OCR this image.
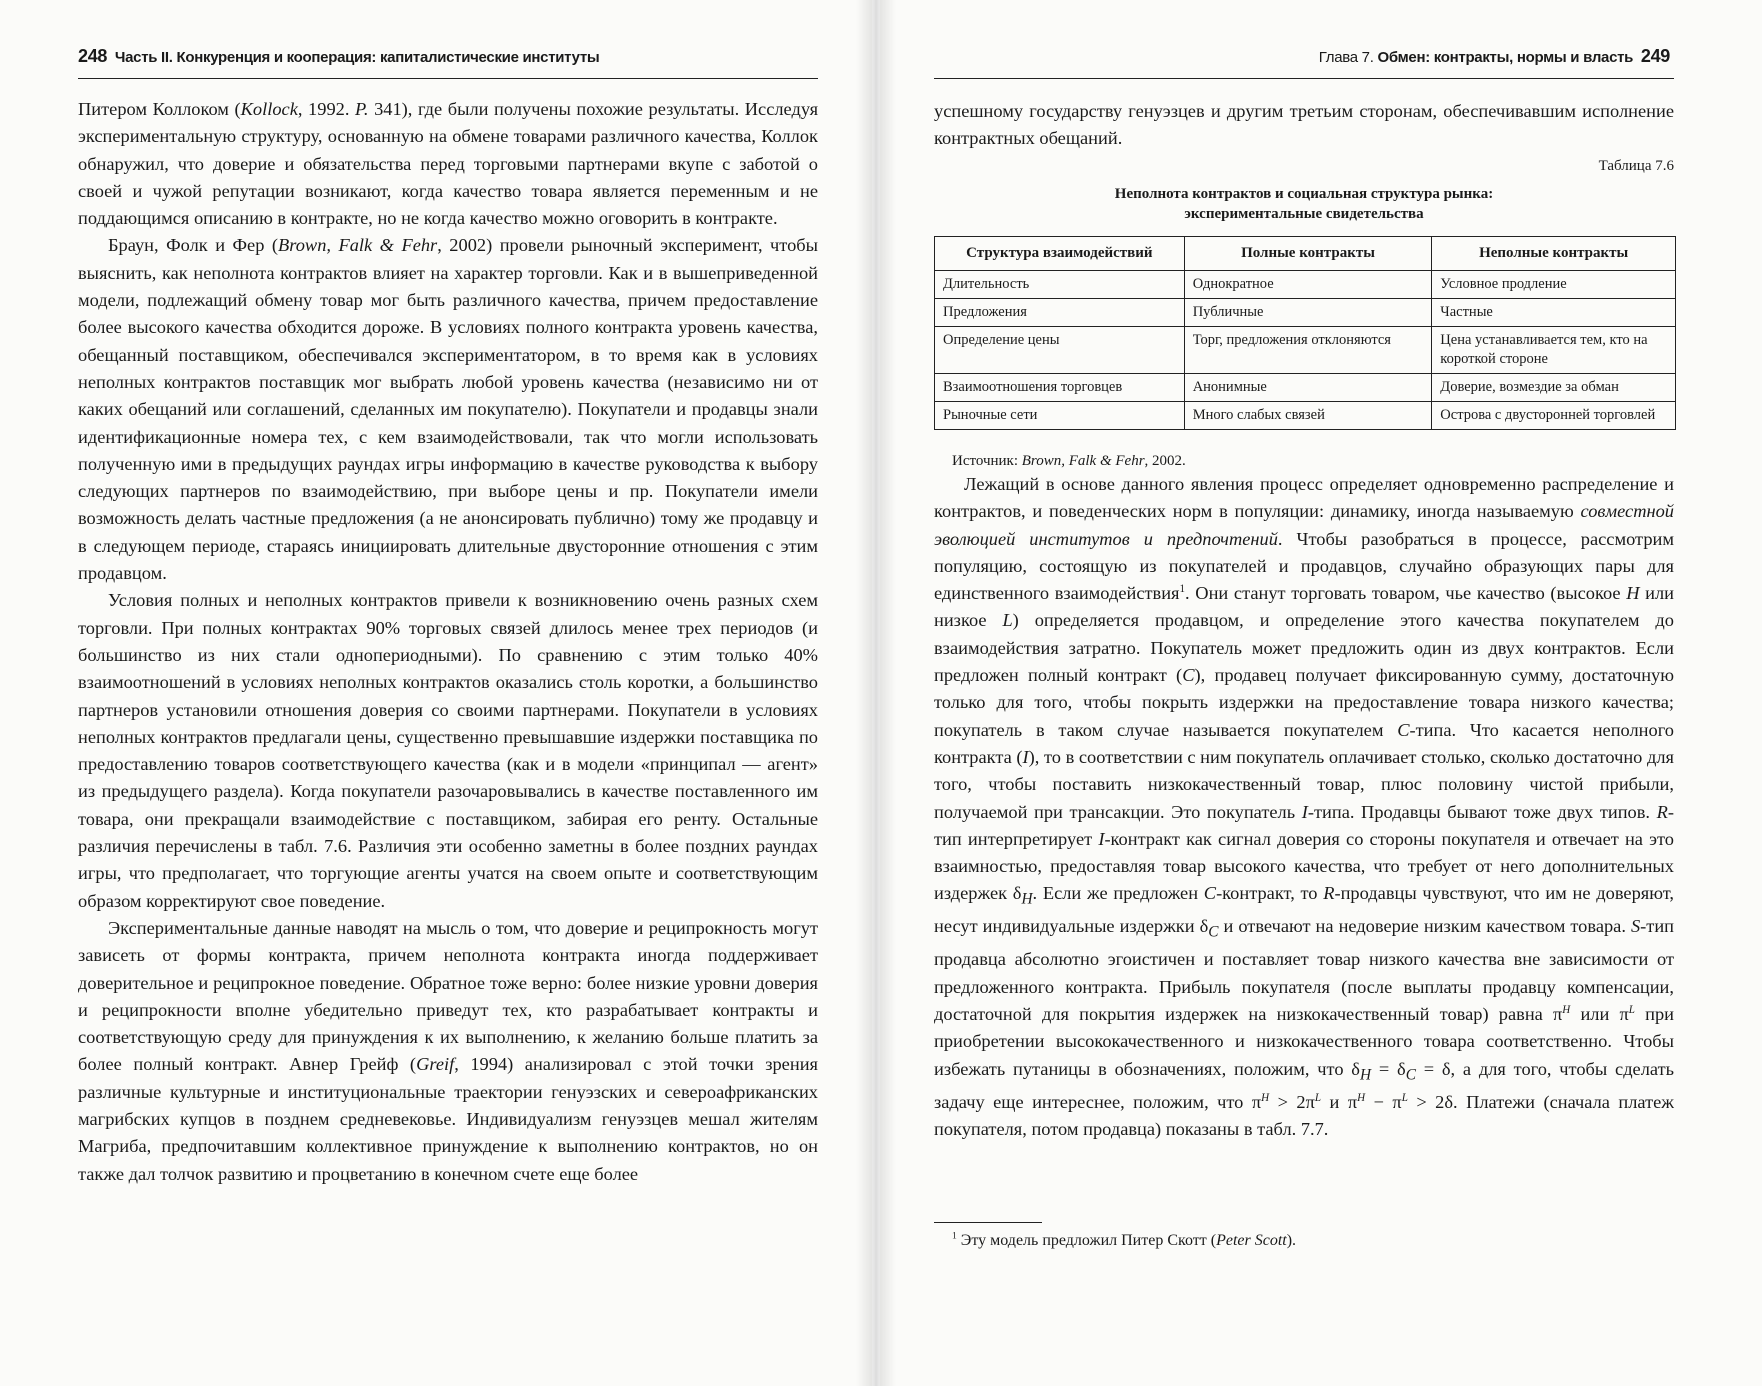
248 Часть II. Конкуренция и кооперация: капиталистические институты

Питером Коллоком (Kollock, 1992. P. 341), где были получены похожие результаты. Исследуя экспериментальную структуру, основанную на обмене товарами различного качества, Коллок обнаружил, что доверие и обязательства перед торговыми партнерами вкупе с заботой о своей и чужой репутации возникают, когда качество товара является переменным и не поддающимся описанию в контракте, но не когда качество можно оговорить в контракте.

Браун, Фолк и Фер (Brown, Falk & Fehr, 2002) провели рыночный эксперимент, чтобы выяснить, как неполнота контрактов влияет на характер торговли. Как и в вышеприведенной модели, подлежащий обмену товар мог быть различного качества, причем предоставление более высокого качества обходится дороже. В условиях полного контракта уровень качества, обещанный поставщиком, обеспечивался экспериментатором, в то время как в условиях неполных контрактов поставщик мог выбрать любой уровень качества (независимо ни от каких обещаний или соглашений, сделанных им покупателю). Покупатели и продавцы знали идентификационные номера тех, с кем взаимодействовали, так что могли использовать полученную ими в предыдущих раундах игры информацию в качестве руководства к выбору следующих партнеров по взаимодействию, при выборе цены и пр. Покупатели имели возможность делать частные предложения (а не анонсировать публично) тому же продавцу и в следующем периоде, стараясь инициировать длительные двусторонние отношения с этим продавцом.

Условия полных и неполных контрактов привели к возникновению очень разных схем торговли. При полных контрактах 90% торговых связей длилось менее трех периодов (и большинство из них стали однопериодными). По сравнению с этим только 40% взаимоотношений в условиях неполных контрактов оказались столь коротки, а большинство партнеров установили отношения доверия со своими партнерами. Покупатели в условиях неполных контрактов предлагали цены, существенно превышавшие издержки поставщика по предоставлению товаров соответствующего качества (как и в модели «принципал — агент» из предыдущего раздела). Когда покупатели разочаровывались в качестве поставленного им товара, они прекращали взаимодействие с поставщиком, забирая его ренту. Остальные различия перечислены в табл. 7.6. Различия эти особенно заметны в более поздних раундах игры, что предполагает, что торгующие агенты учатся на своем опыте и соответствующим образом корректируют свое поведение.

Экспериментальные данные наводят на мысль о том, что доверие и реципрокность могут зависеть от формы контракта, причем неполнота контракта иногда поддерживает доверительное и реципрокное поведение. Обратное тоже верно: более низкие уровни доверия и реципрокности вполне убедительно приведут тех, кто разрабатывает контракты и соответствующую среду для принуждения к их выполнению, к желанию больше платить за более полный контракт. Авнер Грейф (Greif, 1994) анализировал с этой точки зрения различные культурные и институциональные траектории генуэзских и североафриканских магрибских купцов в позднем средневековье. Индивидуализм генуэзцев мешал жителям Магриба, предпочитавшим коллективное принуждение к выполнению контрактов, но он также дал толчок развитию и процветанию в конечном счете еще более

Глава 7. Обмен: контракты, нормы и власть 249

успешному государству генуэзцев и другим третьим сторонам, обеспечивавшим исполнение контрактных обещаний.

Таблица 7.6
Неполнота контрактов и социальная структура рынка:
экспериментальные свидетельства
Структура взаимодействий	Полные контракты	Неполные контракты
Длительность	Однократное	Условное продление
Предложения	Публичные	Частные
Определение цены	Торг, предложения отклоняются	Цена устанавливается тем, кто на короткой стороне
Взаимоотношения торговцев	Анонимные	Доверие, возмездие за обман
Рыночные сети	Много слабых связей	Острова с двусторонней торговлей
Источник: Brown, Falk & Fehr, 2002.

Лежащий в основе данного явления процесс определяет одновременно распределение и контрактов, и поведенческих норм в популяции: динамику, иногда называемую совместной эволюцией институтов и предпочтений. Чтобы разобраться в процессе, рассмотрим популяцию, состоящую из покупателей и продавцов, случайно образующих пары для единственного взаимодействия$^1$. Они станут торговать товаром, чье качество (высокое H или низкое L) определяется продавцом, и определение этого качества покупателем до взаимодействия затратно. Покупатель может предложить один из двух контрактов. Если предложен полный контракт (C), продавец получает фиксированную сумму, достаточную только для того, чтобы покрыть издержки на предоставление товара низкого качества; покупатель в таком случае называется покупателем C-типа. Что касается неполного контракта (I), то в соответствии с ним покупатель оплачивает столько, сколько достаточно для того, чтобы поставить низкокачественный товар, плюс половину чистой прибыли, получаемой при трансакции. Это покупатель I-типа. Продавцы бывают тоже двух типов. R-тип интерпретирует I-контракт как сигнал доверия со стороны покупателя и отвечает на это взаимностью, предоставляя товар высокого качества, что требует от него дополнительных издержек $\delta_H$. Если же предложен C-контракт, то R-продавцы чувствуют, что им не доверяют, несут индивидуальные издержки $\delta_C$ и отвечают на недоверие низким качеством товара. S-тип продавца абсолютно эгоистичен и поставляет товар низкого качества вне зависимости от предложенного контракта. Прибыль покупателя (после выплаты продавцу компенсации, достаточной для покрытия издержек на низкокачественный товар) равна $\pi^H$ или $\pi^L$ при приобретении высококачественного и низкокачественного товара соответственно. Чтобы избежать путаницы в обозначениях, положим, что $\delta_H = \delta_C = \delta$, а для того, чтобы сделать задачу еще интереснее, положим, что $\pi^H > 2\pi^L$ и $\pi^H - \pi^L > 2\delta$. Платежи (сначала платеж покупателя, потом продавца) показаны в табл. 7.7.

$^1$ Эту модель предложил Питер Скотт (Peter Scott).
